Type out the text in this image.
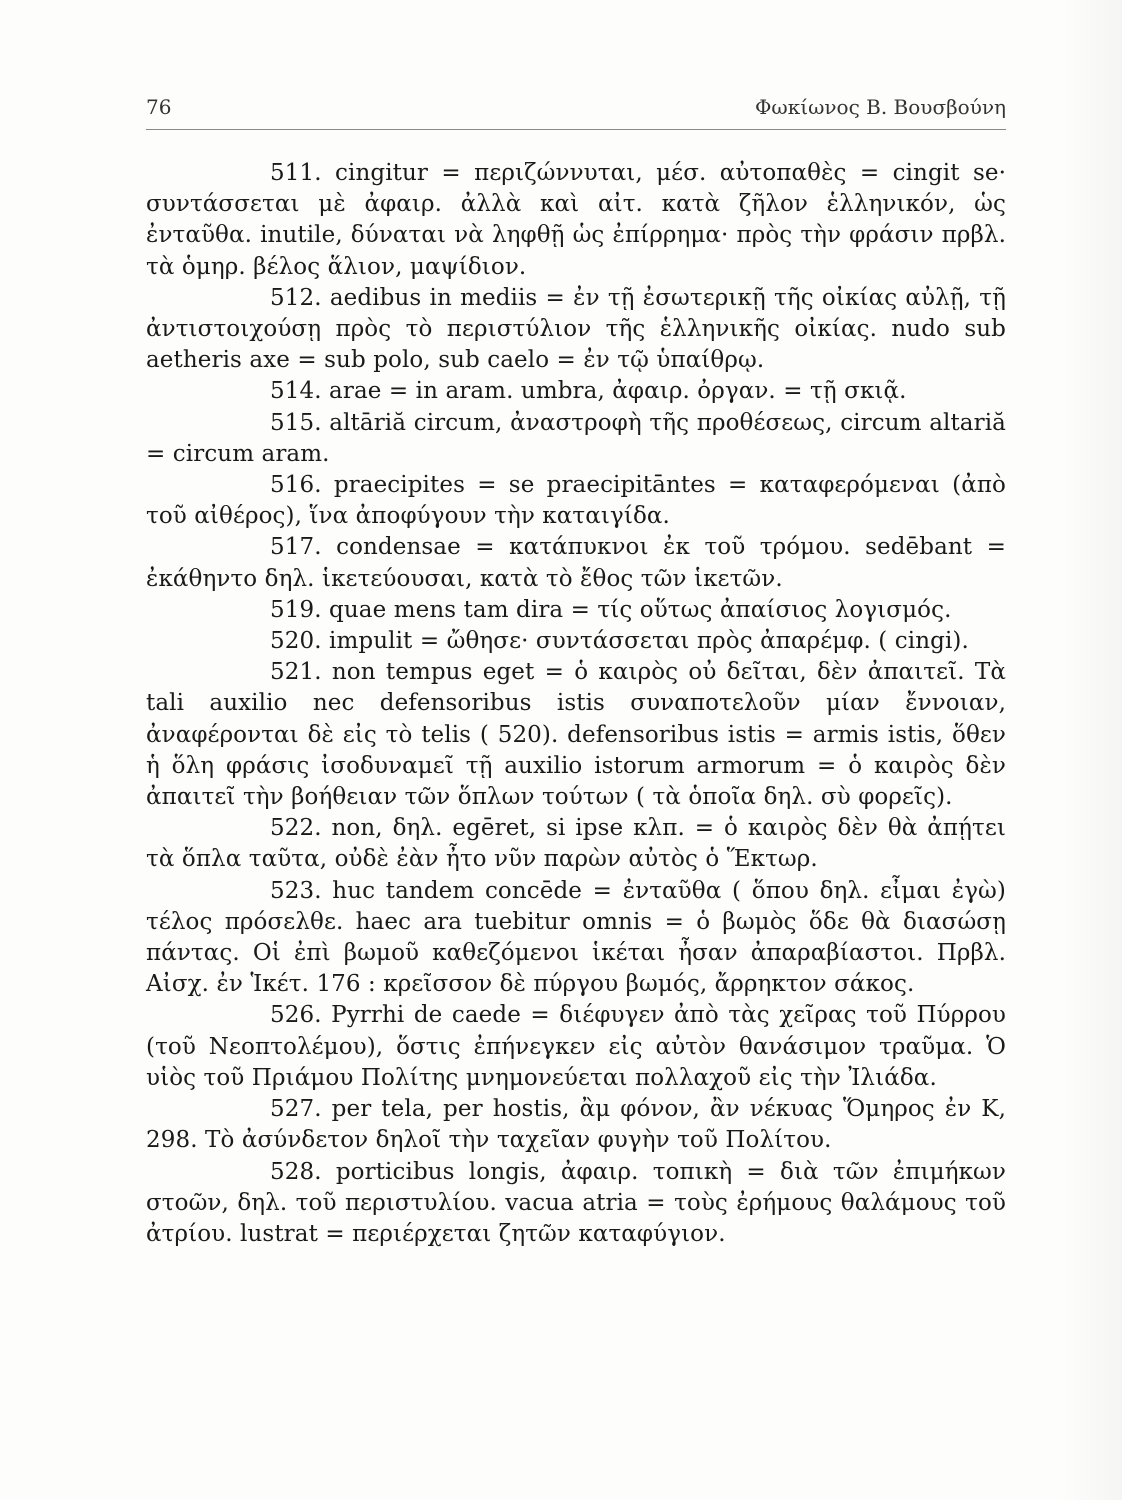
76	Φωκίωνος Β. Βουσβούνη

511. cingitur = περιζώννυται, μέσ. αὐτοπαθὲς = cingit se· συντάσσεται μὲ ἀφαιρ. ἀλλὰ καὶ αἰτ. κατὰ ζῆλον ἑλληνικόν, ὡς ἐνταῦθα. inutile, δύναται νὰ ληφθῇ ὡς ἐπίρρημα· πρὸς τὴν φράσιν πρβλ. τὰ ὁμηρ. βέλος ἅλιον, μαψίδιον.

512. aedibus in mediis = ἐν τῇ ἐσωτερικῇ τῆς οἰκίας αὐλῇ, τῇ ἀντιστοιχούσῃ πρὸς τὸ περιστύλιον τῆς ἑλληνικῆς οἰκίας. nudo sub aetheris axe = sub polo, sub caelo = ἐν τῷ ὑπαίθρῳ.

514. arae = in aram. umbra, ἀφαιρ. ὀργαν. = τῇ σκιᾷ.

515. altāriă circum, ἀναστροφὴ τῆς προθέσεως, circum altariă = circum aram.

516. praecipites = se praecipitāntes = καταφερόμεναι (ἀπὸ τοῦ αἰθέρος), ἵνα ἀποφύγουν τὴν καταιγίδα.

517. condensae = κατάπυκνοι ἐκ τοῦ τρόμου. sedēbant = ἐκάθηντο δηλ. ἱκετεύουσαι, κατὰ τὸ ἔθος τῶν ἱκετῶν.

519. quae mens tam dira = τίς οὕτως ἀπαίσιος λογισμός.

520. impulit = ὤθησε· συντάσσεται πρὸς ἀπαρέμφ. ( cingi).

521. non tempus eget = ὁ καιρὸς οὐ δεῖται, δὲν ἀπαιτεῖ. Τὰ tali auxilio nec defensoribus istis συναποτελοῦν μίαν ἔννοιαν, ἀναφέρονται δὲ εἰς τὸ telis ( 520). defensoribus istis = armis istis, ὅθεν ἡ ὅλη φράσις ἰσοδυναμεῖ τῇ auxilio istorum armorum = ὁ καιρὸς δὲν ἀπαιτεῖ τὴν βοήθειαν τῶν ὅπλων τούτων ( τὰ ὁποῖα δηλ. σὺ φορεῖς).

522. non, δηλ. egēret, si ipse κλπ. = ὁ καιρὸς δὲν θὰ ἀπῄτει τὰ ὅπλα ταῦτα, οὐδὲ ἐὰν ἦτο νῦν παρὼν αὐτὸς ὁ Ἕκτωρ.

523. huc tandem concēde = ἐνταῦθα ( ὅπου δηλ. εἶμαι ἐγὼ) τέλος πρόσελθε. haec ara tuebitur omnis = ὁ βωμὸς ὅδε θὰ διασώσῃ πάντας. Οἱ ἐπὶ βωμοῦ καθεζόμενοι ἱκέται ἦσαν ἀπαραβίαστοι. Πρβλ. Αἰσχ. ἐν Ἱκέτ. 176 : κρεῖσσον δὲ πύργου βωμός, ἄρρηκτον σάκος.

526. Pyrrhi de caede = διέφυγεν ἀπὸ τὰς χεῖρας τοῦ Πύρρου (τοῦ Νεοπτολέμου), ὅστις ἐπήνεγκεν εἰς αὐτὸν θανάσιμον τραῦμα. Ὁ υἱὸς τοῦ Πριάμου Πολίτης μνημονεύεται πολλαχοῦ εἰς τὴν Ἰλιάδα.

527. per tela, per hostis, ἂμ φόνον, ἂν νέκυας Ὅμηρος ἐν Κ, 298. Τὸ ἀσύνδετον δηλοῖ τὴν ταχεῖαν φυγὴν τοῦ Πολίτου.

528. porticibus longis, ἀφαιρ. τοπικὴ = διὰ τῶν ἐπιμήκων στοῶν, δηλ. τοῦ περιστυλίου. vacua atria = τοὺς ἐρήμους θαλάμους τοῦ ἀτρίου. lustrat = περιέρχεται ζητῶν καταφύγιον.
